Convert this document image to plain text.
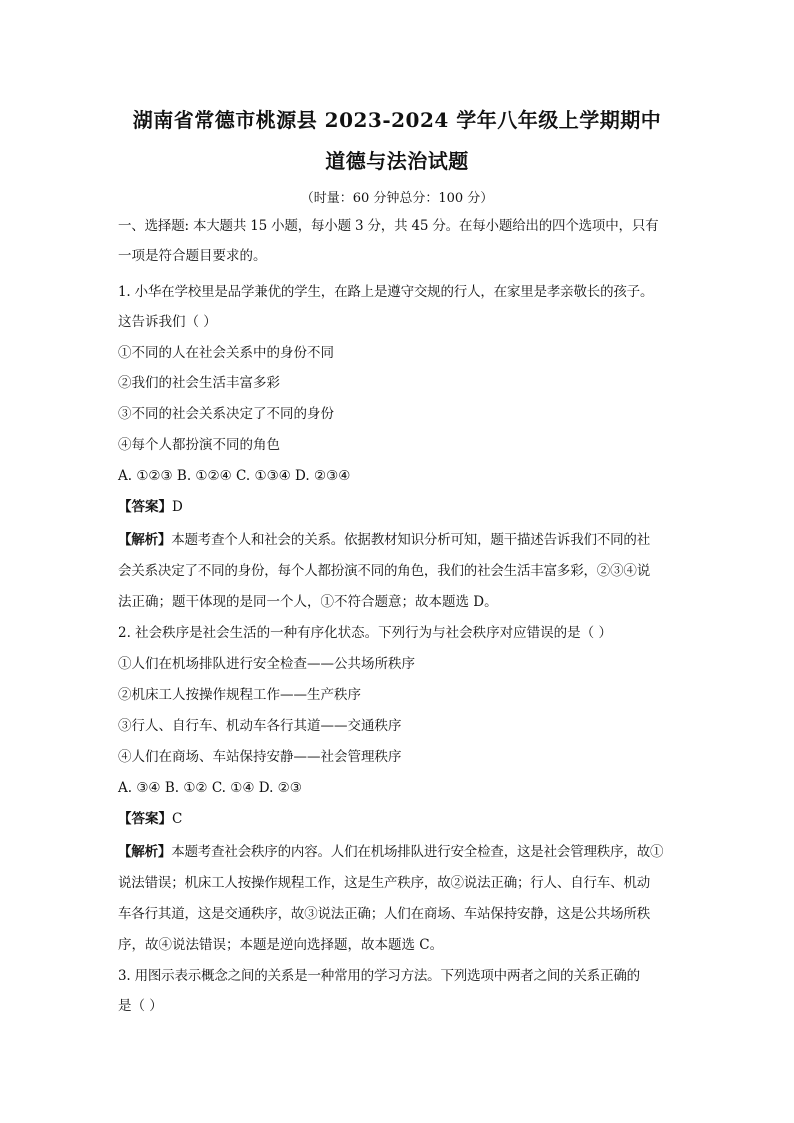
湖南省常德市桃源县 2023-2024 学年八年级上学期期中
道德与法治试题
（时量：60 分钟总分：100 分）
一、选择题: 本大题共 15 小题，每小题 3 分，共 45 分。在每小题给出的四个选项中，只有
一项是符合题目要求的。
1. 小华在学校里是品学兼优的学生，在路上是遵守交规的行人，在家里是孝亲敬长的孩子。
这告诉我们（ ）
①不同的人在社会关系中的身份不同
②我们的社会生活丰富多彩
③不同的社会关系决定了不同的身份
④每个人都扮演不同的角色
A. ①②③ B. ①②④ C. ①③④ D. ②③④
【答案】D
【解析】本题考查个人和社会的关系。依据教材知识分析可知，题干描述告诉我们不同的社
会关系决定了不同的身份，每个人都扮演不同的角色，我们的社会生活丰富多彩，②③④说
法正确；题干体现的是同一个人，①不符合题意；故本题选 D。
2. 社会秩序是社会生活的一种有序化状态。下列行为与社会秩序对应错误的是（ ）
①人们在机场排队进行安全检查——公共场所秩序
②机床工人按操作规程工作——生产秩序
③行人、自行车、机动车各行其道——交通秩序
④人们在商场、车站保持安静——社会管理秩序
A. ③④ B. ①② C. ①④ D. ②③
【答案】C
【解析】本题考查社会秩序的内容。人们在机场排队进行安全检查，这是社会管理秩序，故①
说法错误；机床工人按操作规程工作，这是生产秩序，故②说法正确；行人、自行车、机动
车各行其道，这是交通秩序，故③说法正确；人们在商场、车站保持安静，这是公共场所秩
序，故④说法错误；本题是逆向选择题，故本题选 C。
3. 用图示表示概念之间的关系是一种常用的学习方法。下列选项中两者之间的关系正确的
是（ ）
